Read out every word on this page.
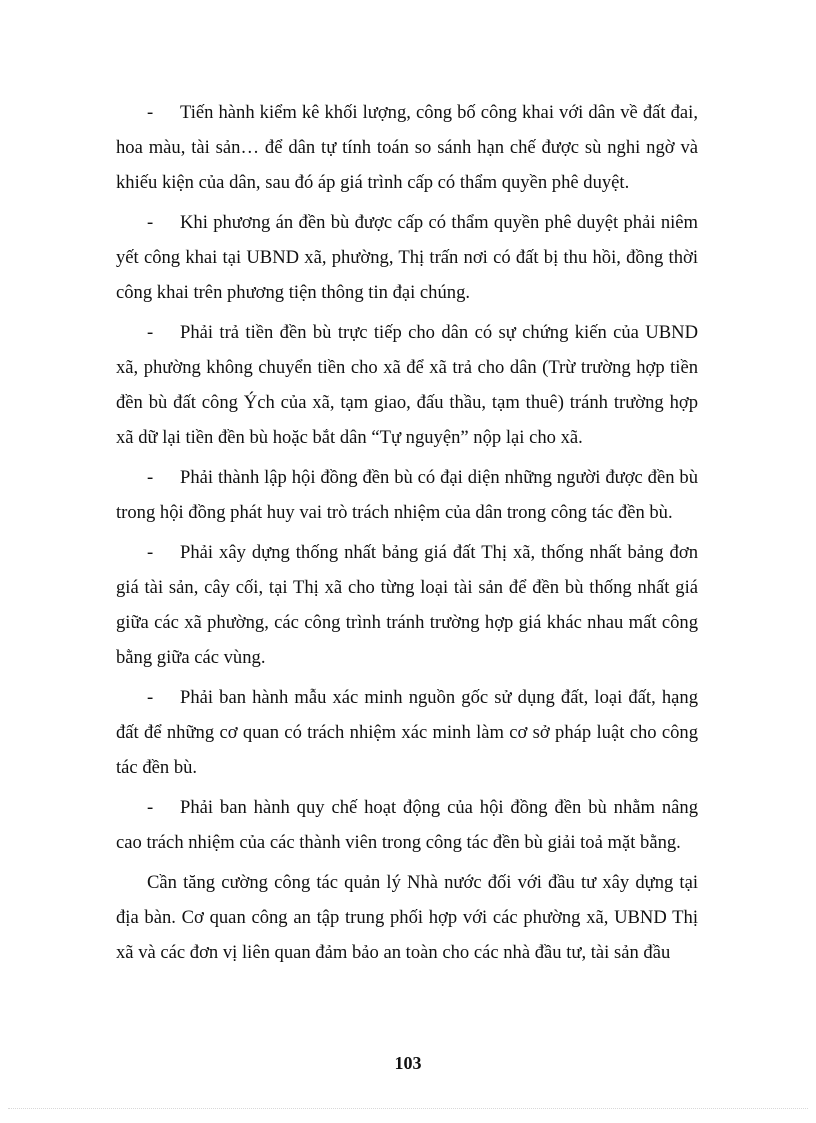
- Tiến hành kiểm kê khối lượng, công bố công khai với dân về đất đai, hoa màu, tài sản… để dân tự tính toán so sánh hạn chế được sù nghi ngờ và khiếu kiện của dân, sau đó áp giá trình cấp có thẩm quyền phê duyệt.

- Khi phương án đền bù được cấp có thẩm quyền phê duyệt phải niêm yết công khai tại UBND xã, phường, Thị trấn nơi có đất bị thu hồi, đồng thời công khai trên phương tiện thông tin đại chúng.

- Phải trả tiền đền bù trực tiếp cho dân có sự chứng kiến của UBND xã, phường không chuyển tiền cho xã để xã trả cho dân (Trừ trường hợp tiền đền bù đất công Ých của xã, tạm giao, đấu thầu, tạm thuê) tránh trường hợp xã dữ lại tiền đền bù hoặc bắt dân “Tự nguyện” nộp lại cho xã.

- Phải thành lập hội đồng đền bù có đại diện những người được đền bù trong hội đồng phát huy vai trò trách nhiệm của dân trong công tác đền bù.

- Phải xây dựng thống nhất bảng giá đất Thị xã, thống nhất bảng đơn giá tài sản, cây cối, tại Thị xã cho từng loại tài sản để đền bù thống nhất giá giữa các xã phường, các công trình tránh trường hợp giá khác nhau mất công bằng giữa các vùng.

- Phải ban hành mẫu xác minh nguồn gốc sử dụng đất, loại đất, hạng đất để những cơ quan có trách nhiệm xác minh làm cơ sở pháp luật cho công tác đền bù.

- Phải ban hành quy chế hoạt động của hội đồng đền bù nhằm nâng cao trách nhiệm của các thành viên trong công tác đền bù giải toả mặt bằng.

Cần tăng cường công tác quản lý Nhà nước đối với đầu tư xây dựng tại địa bàn. Cơ quan công an tập trung phối hợp với các phường xã, UBND Thị xã và các đơn vị liên quan đảm bảo an toàn cho các nhà đầu tư, tài sản đầu

103
